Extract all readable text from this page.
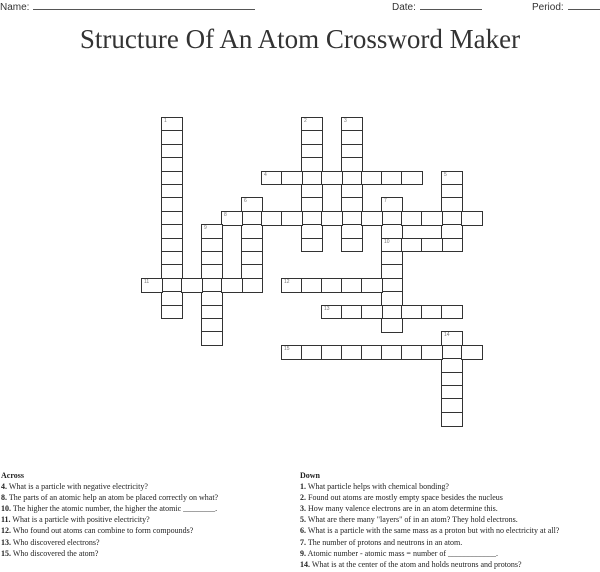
Name:	Date:	Period:
Structure Of An Atom Crossword Maker
1	2	3
4	5
6	7
10
8
9
11	12
13
14
15
Across
4. What is a particle with negative electricity?
8. The parts of an atomic help an atom be placed correctly on what?
10. The higher the atomic number, the higher the atomic ________.
11. What is a particle with positive electricity?
12. Who found out atoms can combine to form compounds?
13. Who discovered electrons?
15. Who discovered the atom?
Down
1. What particle helps with chemical bonding?
2. Found out atoms are mostly empty space besides the nucleus
3. How many valence electrons are in an atom determine this.
5. What are there many "layers" of in an atom? They hold electrons.
6. What is a particle with the same mass as a proton but with no electricity at all?
7. The number of protons and neutrons in an atom.
9. Atomic number - atomic mass = number of ____________.
14. What is at the center of the atom and holds neutrons and protons?
